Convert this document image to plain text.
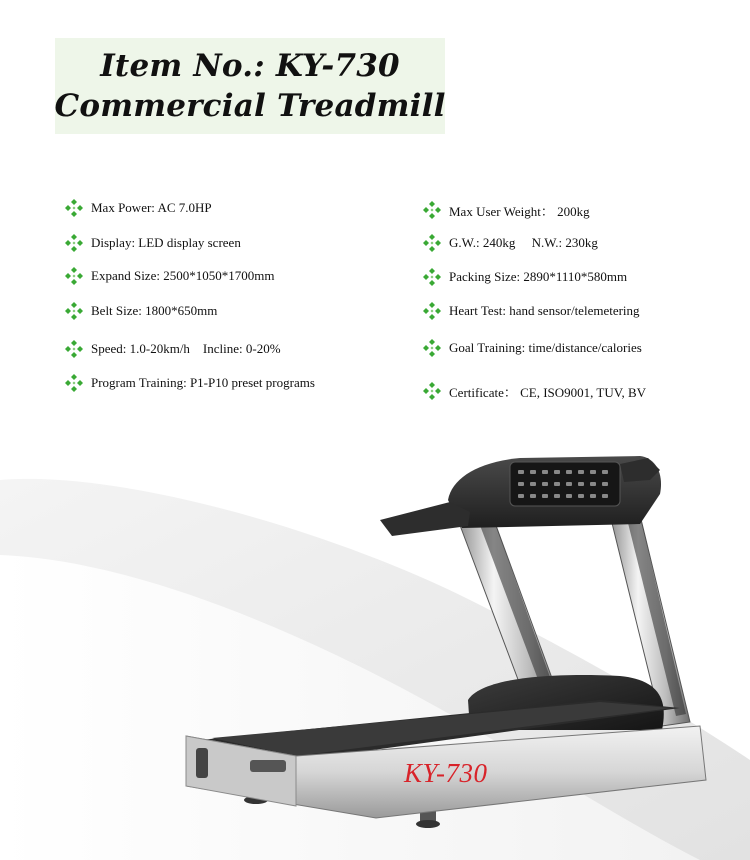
Item No.: KY-730
Commercial Treadmill
Max Power: AC 7.0HP
Display: LED display screen
Expand Size: 2500*1050*1700mm
Belt Size: 1800*650mm
Speed: 1.0-20km/h    Incline: 0-20%
Program Training: P1-P10 preset programs
Max User Weight： 200kg
G.W.: 240kg     N.W.: 230kg
Packing Size: 2890*1110*580mm
Heart Test: hand sensor/telemetering
Goal Training: time/distance/calories
Certificate： CE, ISO9001, TUV, BV
KY-730
